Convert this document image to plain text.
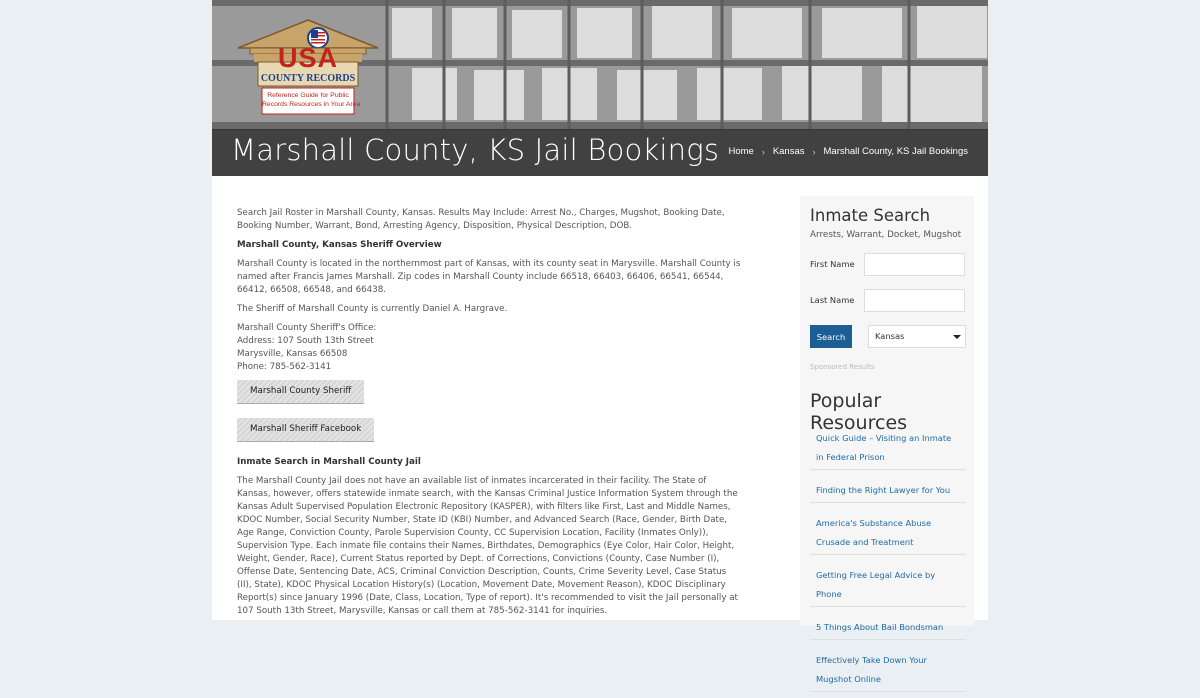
USA
COUNTY RECORDS
Reference Guide for Public
Records Resources in Your Area
Marshall County, KS Jail Bookings Home › Kansas › Marshall County, KS Jail Bookings

Search Jail Roster in Marshall County, Kansas. Results May Include: Arrest No., Charges, Mugshot, Booking Date, Booking Number, Warrant, Bond, Arresting Agency, Disposition, Physical Description, DOB.

Marshall County, Kansas Sheriff Overview

Marshall County is located in the northernmost part of Kansas, with its county seat in Marysville. Marshall County is named after Francis James Marshall. Zip codes in Marshall County include 66518, 66403, 66406, 66541, 66544, 66412, 66508, 66548, and 66438.

The Sheriff of Marshall County is currently Daniel A. Hargrave.

Marshall County Sheriff's Office:
Address: 107 South 13th Street
Marysville, Kansas 66508
Phone: 785-562-3141

Marshall County Sheriff
Marshall Sheriff Facebook
Inmate Search in Marshall County Jail

The Marshall County Jail does not have an available list of inmates incarcerated in their facility. The State of Kansas, however, offers statewide inmate search, with the Kansas Criminal Justice Information System through the Kansas Adult Supervised Population Electronic Repository (KASPER), with filters like First, Last and Middle Names, KDOC Number, Social Security Number, State ID (KBI) Number, and Advanced Search (Race, Gender, Birth Date, Age Range, Conviction County, Parole Supervision County, CC Supervision Location, Facility (Inmates Only)), Supervision Type. Each inmate file contains their Names, Birthdates, Demographics (Eye Color, Hair Color, Height, Weight, Gender, Race), Current Status reported by Dept. of Corrections, Convictions (County, Case Number (I), Offense Date, Sentencing Date, ACS, Criminal Conviction Description, Counts, Crime Severity Level, Case Status (II), State), KDOC Physical Location History(s) (Location, Movement Date, Movement Reason), KDOC Disciplinary Report(s) since January 1996 (Date, Class, Location, Type of report). It's recommended to visit the Jail personally at 107 South 13th Street, Marysville, Kansas or call them at 785-562-3141 for inquiries.

Inmate Search
Arrests, Warrant, Docket, Mugshot
First Name
Last Name
Search	Kansas
Sponsored Results
Popular Resources
Quick Guide – Visiting an Inmate in Federal Prison
Finding the Right Lawyer for You
America's Substance Abuse Crusade and Treatment
Getting Free Legal Advice by Phone
5 Things About Bail Bondsman
Effectively Take Down Your Mugshot Online
